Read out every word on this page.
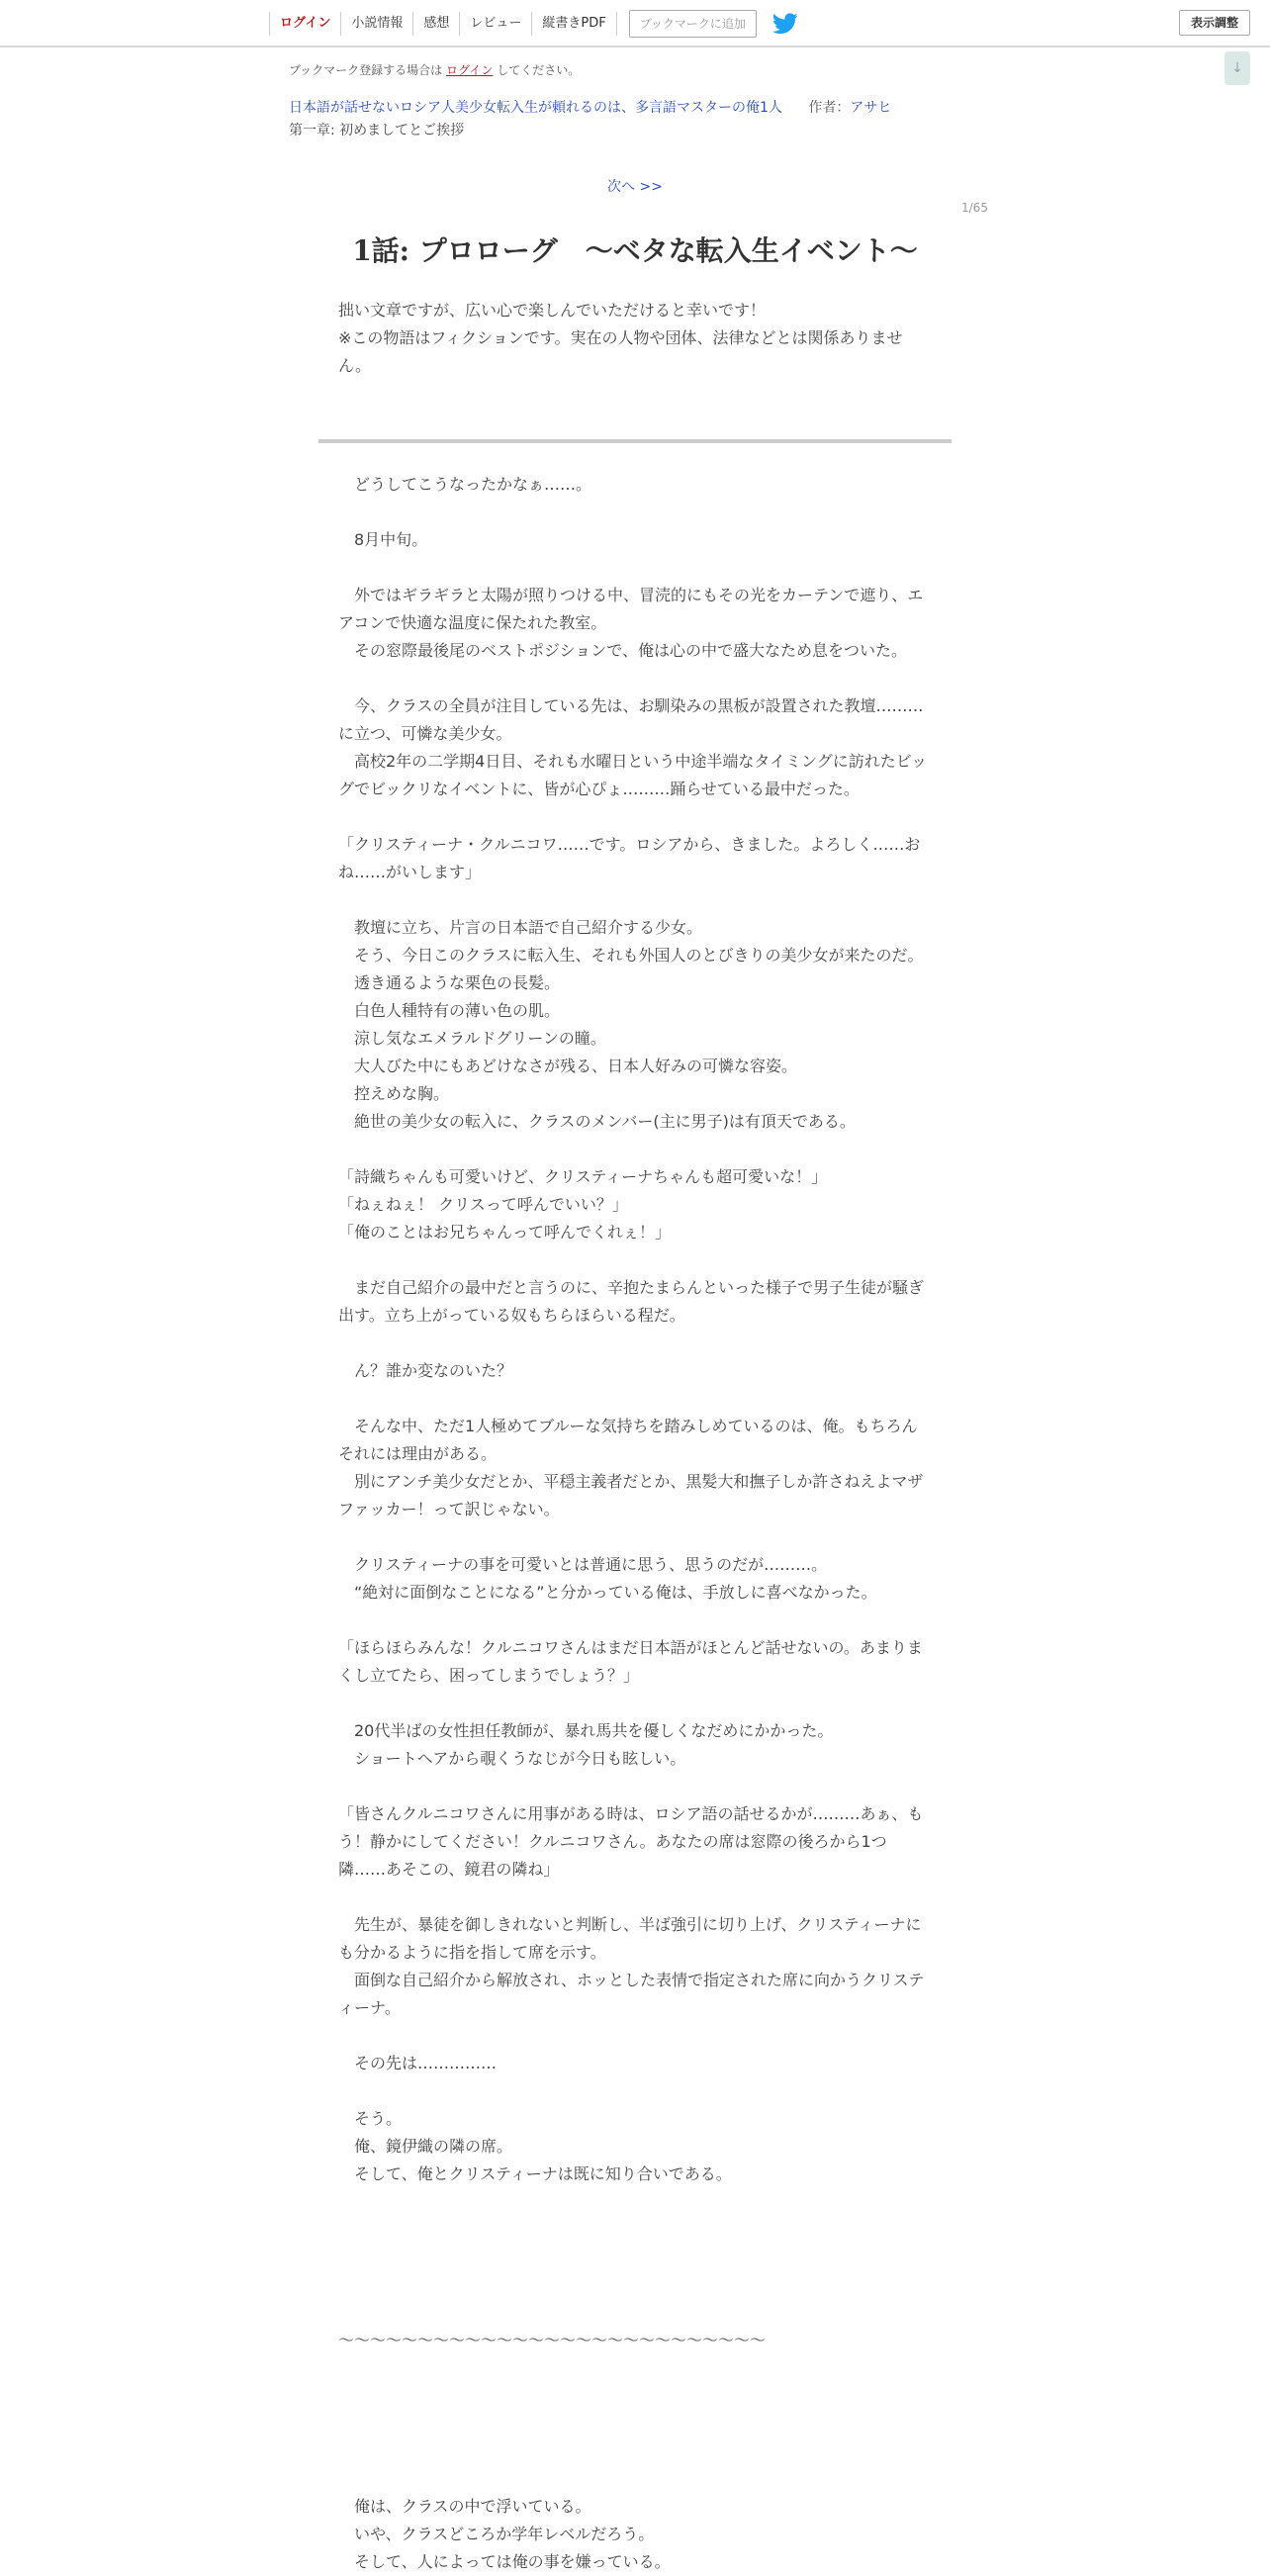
ログイン	小説情報	感想	レビュー	縦書きPDF	ブックマークに追加	表示調整
↓
ブックマーク登録する場合は ログイン してください。
日本語が話せないロシア人美少女転入生が頼れるのは、多言語マスターの俺1人 作者：アサヒ
第一章: 初めましてとご挨拶
次へ >>
1/65
1話: プロローグ　〜ベタな転入生イベント〜

拙い文章ですが、広い心で楽しんでいただけると幸いです！

※この物語はフィクションです。実在の人物や団体、法律などとは関係ありません。

　どうしてこうなったかなぁ……。

　8月中旬。

　外ではギラギラと太陽が照りつける中、冒涜的にもその光をカーテンで遮り、エアコンで快適な温度に保たれた教室。

　その窓際最後尾のベストポジションで、俺は心の中で盛大なため息をついた。

　今、クラスの全員が注目している先は、お馴染みの黒板が設置された教壇………に立つ、可憐な美少女。

　高校2年の二学期4日目、それも水曜日という中途半端なタイミングに訪れたビッグでビックリなイベントに、皆が心ぴょ………踊らせている最中だった。

「クリスティーナ・クルニコワ……です。ロシアから、きました。よろしく……おね……がいします」

　教壇に立ち、片言の日本語で自己紹介する少女。

　そう、今日このクラスに転入生、それも外国人のとびきりの美少女が来たのだ。

　透き通るような栗色の長髪。

　白色人種特有の薄い色の肌。

　涼し気なエメラルドグリーンの瞳。

　大人びた中にもあどけなさが残る、日本人好みの可憐な容姿。

　控えめな胸。

　絶世の美少女の転入に、クラスのメンバー(主に男子)は有頂天である。

「詩織ちゃんも可愛いけど、クリスティーナちゃんも超可愛いな！」

「ねぇねぇ！ クリスって呼んでいい？」

「俺のことはお兄ちゃんって呼んでくれぇ！」

　まだ自己紹介の最中だと言うのに、辛抱たまらんといった様子で男子生徒が騒ぎ出す。立ち上がっている奴もちらほらいる程だ。

　ん？誰か変なのいた？

　そんな中、ただ1人極めてブルーな気持ちを踏みしめているのは、俺。もちろんそれには理由がある。

　別にアンチ美少女だとか、平穏主義者だとか、黒髪大和撫子しか許さねえよマザファッカー！って訳じゃない。

　クリスティーナの事を可愛いとは普通に思う、思うのだが………。

　“絶対に面倒なことになる”と分かっている俺は、手放しに喜べなかった。

「ほらほらみんな！クルニコワさんはまだ日本語がほとんど話せないの。あまりまくし立てたら、困ってしまうでしょう？」

　20代半ばの女性担任教師が、暴れ馬共を優しくなだめにかかった。

　ショートヘアから覗くうなじが今日も眩しい。

「皆さんクルニコワさんに用事がある時は、ロシア語の話せるかが………あぁ、もう！静かにしてください！クルニコワさん。あなたの席は窓際の後ろから1つ隣……あそこの、鏡君の隣ね」

　先生が、暴徒を御しきれないと判断し、半ば強引に切り上げ、クリスティーナにも分かるように指を指して席を示す。

　面倒な自己紹介から解放され、ホッとした表情で指定された席に向かうクリスティーナ。

　その先は……………

　そう。

　俺、鏡伊織の隣の席。

　そして、俺とクリスティーナは既に知り合いである。

～～～～～～～～～～～～～～～～～～～～～～～～～～～

　俺は、クラスの中で浮いている。

　いや、クラスどころか学年レベルだろう。

　そして、人によっては俺の事を嫌っている。
